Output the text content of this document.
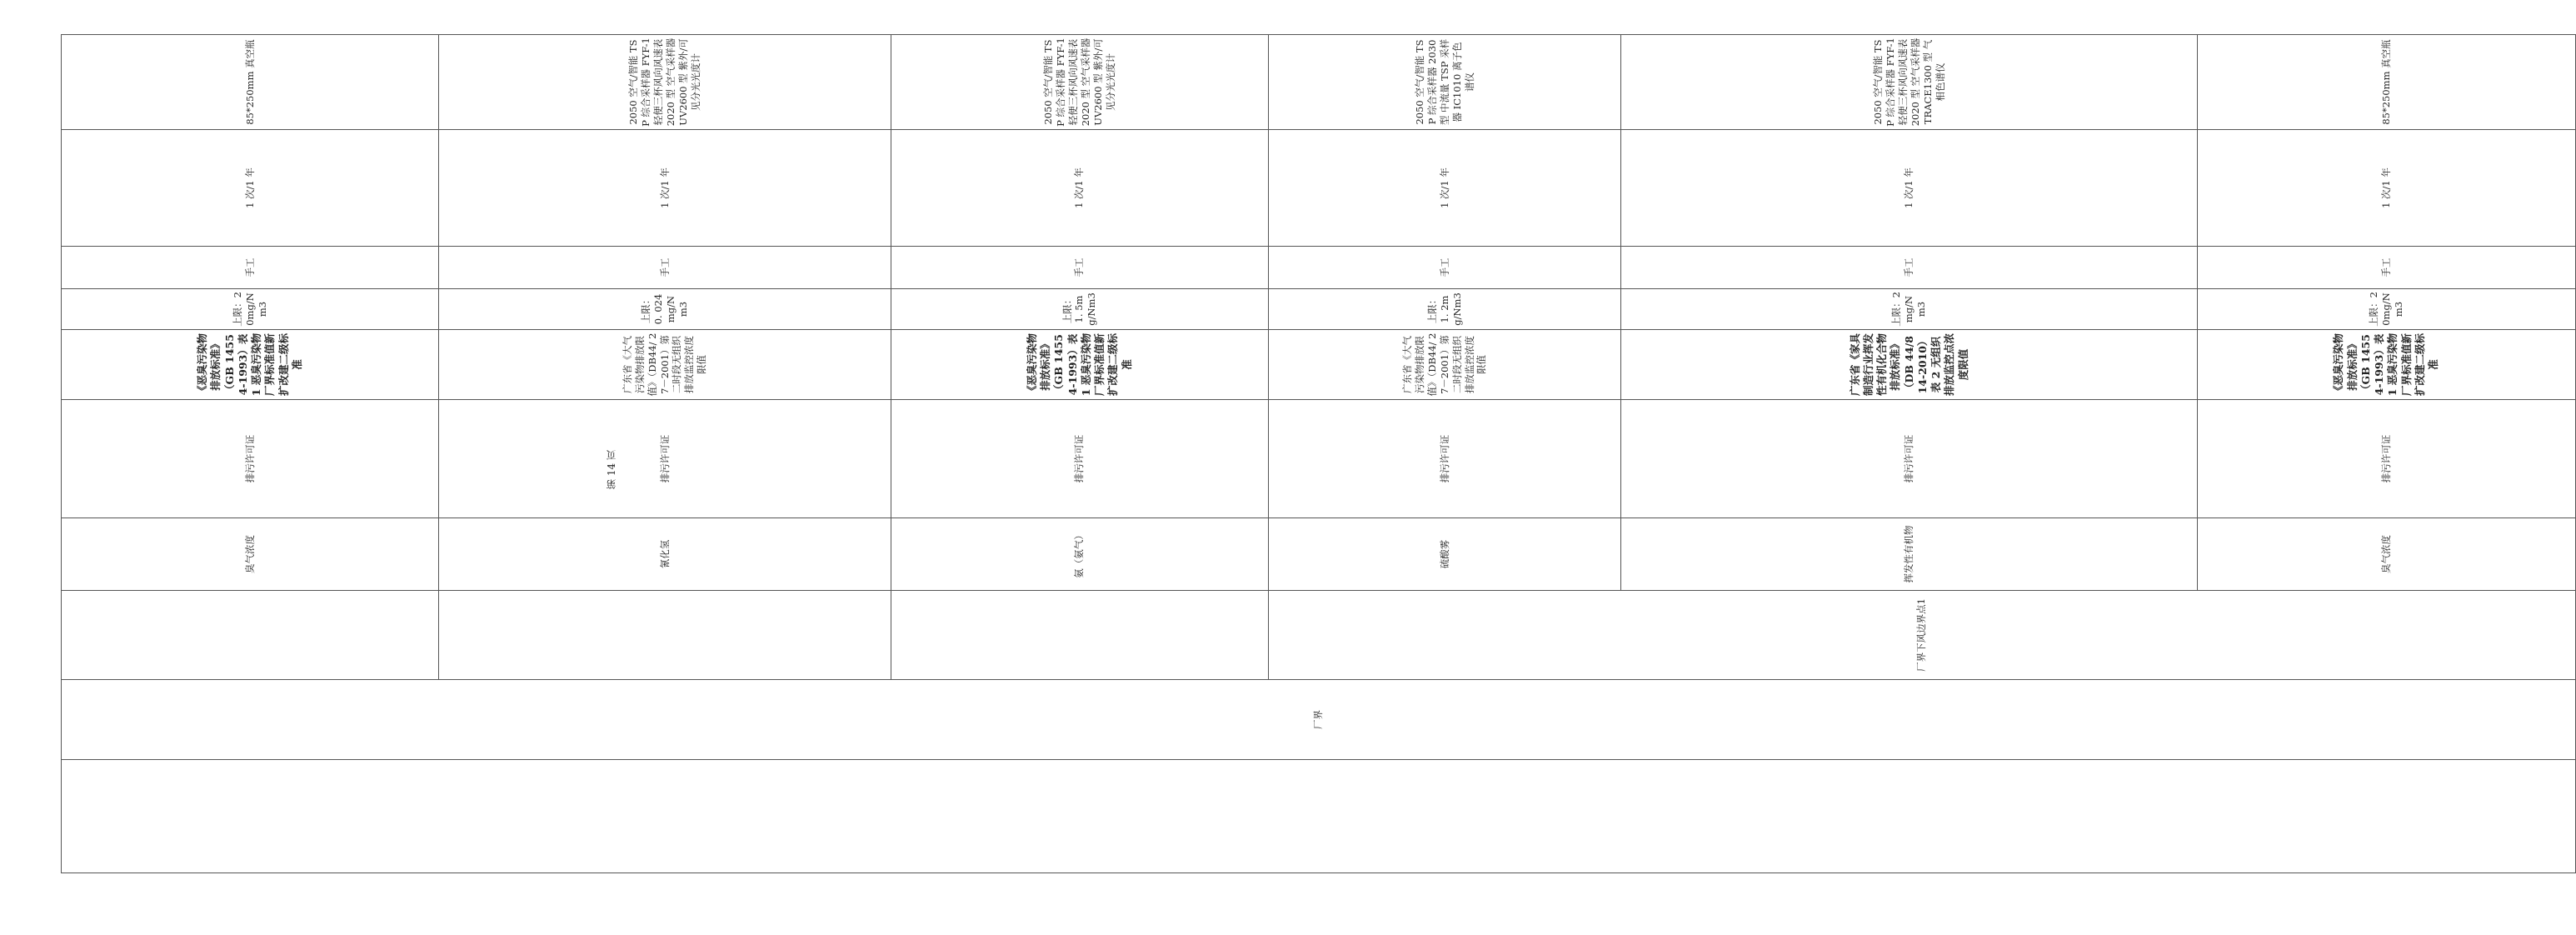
	厂界		臭气浓度	排污许可证	《恶臭污染物排放标准》（GB 14554-1993）表 1 恶臭污染物厂界标准值新扩改建二级标准	上限：20mg/Nm3	手工	1 次/1 年	85*250mm 真空瓶	
			氰化氢	排污许可证	广东省《大气污染物排放限值》（DB44/ 27－2001）第二时段无组织排放监控浓度限值	上限：0. 024mg/Nm3	手工	1 次/1 年	2050 空气/智能 TSP 综合采样器 FYF-1 轻便三杯风向风速表 2020 型 空气采样器 UV2600 型 紫外/可见分光光度计	
			氨（氨气）	排污许可证	《恶臭污染物排放标准》（GB 14554-1993）表 1 恶臭污染物厂界标准值新扩改建二级标准	上限：1. 5mg/Nm3	手工	1 次/1 年	2050 空气/智能 TSP 综合采样器 FYF-1 轻便三杯风向风速表 2020 型 空气采样器 UV2600 型 紫外/可见分光光度计	
		厂界下风边界点1	硫酸雾	排污许可证	广东省《大气污染物排放限值》（DB44/ 27－2001）第二时段无组织排放监控浓度限值	上限：1. 2mg/Nm3	手工	1 次/1 年	2050 空气/智能 TSP 综合采样器 2030 型 中流量 TSP 采样器 IC1010 离子色谱仪	
			挥发性有机物	排污许可证	广东省《家具制造行业挥发性有机化合物排放标准》（DB 44/814-2010）表 2 无组织排放监控点浓度限值	上限：2mg/Nm3	手工	1 次/1 年	2050 空气/智能 TSP 综合采样器 FYF-1 轻便三杯风向风速表 2020 型 空气采样器 TRACE1300 型 气相色谱仪	
			臭气浓度	排污许可证	《恶臭污染物排放标准》（GB 14554-1993）表 1 恶臭污染物厂界标准值新扩改建二级标准	上限：20mg/Nm3	手工	1 次/1 年	85*250mm 真空瓶	
第 14 页
